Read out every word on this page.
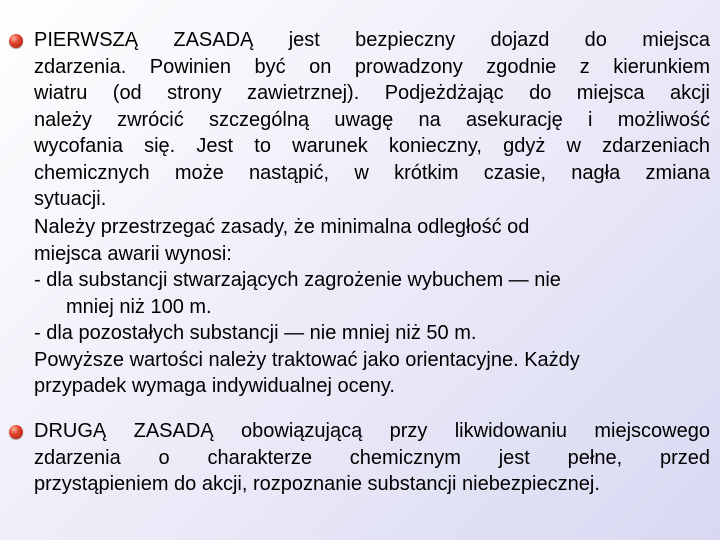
PIERWSZĄ ZASADĄ jest bezpieczny dojazd do miejsca
zdarzenia. Powinien być on prowadzony zgodnie z kierunkiem
wiatru (od strony zawietrznej). Podjeżdżając do miejsca akcji
należy zwrócić szczególną uwagę na asekurację i możliwość
wycofania się. Jest to warunek konieczny, gdyż w zdarzeniach
chemicznych może nastąpić, w krótkim czasie, nagła zmiana
sytuacji.
Należy przestrzegać zasady, że minimalna odległość od
miejsca awarii wynosi:
- dla substancji stwarzających zagrożenie wybuchem — nie
mniej niż 100 m.
- dla pozostałych substancji — nie mniej niż 50 m.
Powyższe wartości należy traktować jako orientacyjne. Każdy
przypadek wymaga indywidualnej oceny.
DRUGĄ ZASADĄ obowiązującą przy likwidowaniu miejscowego
zdarzenia o charakterze chemicznym jest pełne, przed
przystąpieniem do akcji, rozpoznanie substancji niebezpiecznej.
